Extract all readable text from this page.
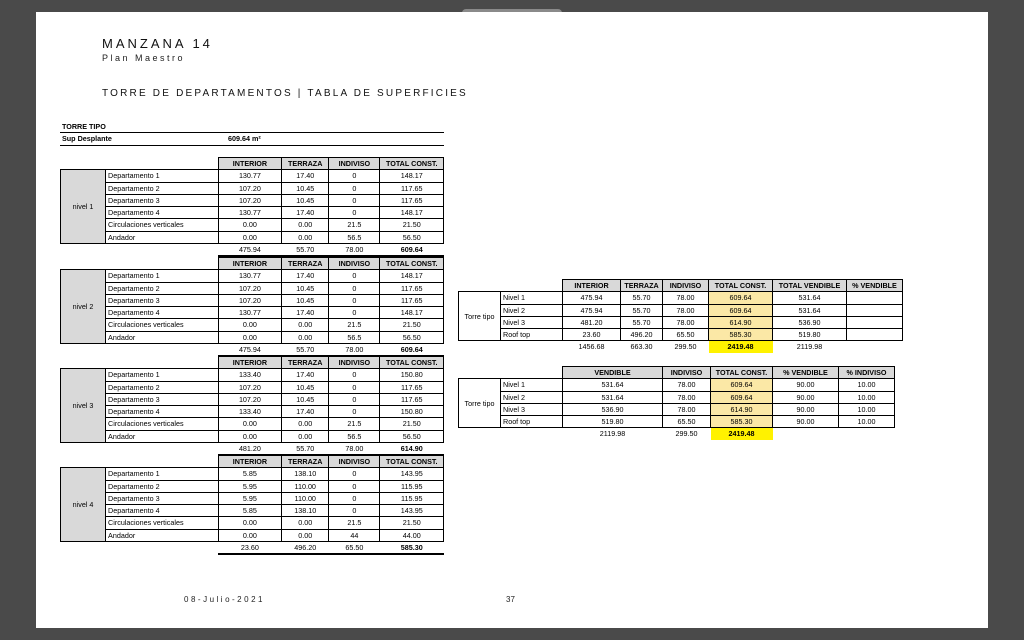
MANZANA 14
Plan Maestro
TORRE DE DEPARTAMENTOS | TABLA DE SUPERFICIES
TORRE TIPO
Sup Desplante	609.64 m²
		INTERIOR	TERRAZA	INDIVISO	TOTAL CONST.
nivel 1	Departamento 1	130.77	17.40	0	148.17
	Departamento 2	107.20	10.45	0	117.65
	Departamento 3	107.20	10.45	0	117.65
	Departamento 4	130.77	17.40	0	148.17
	Circulaciones verticales	0.00	0.00	21.5	21.50
	Andador	0.00	0.00	56.5	56.50
		475.94	55.70	78.00	609.64
		INTERIOR	TERRAZA	INDIVISO	TOTAL CONST.
nivel 2	Departamento 1	130.77	17.40	0	148.17
	Departamento 2	107.20	10.45	0	117.65
	Departamento 3	107.20	10.45	0	117.65
	Departamento 4	130.77	17.40	0	148.17
	Circulaciones verticales	0.00	0.00	21.5	21.50
	Andador	0.00	0.00	56.5	56.50
		475.94	55.70	78.00	609.64
		INTERIOR	TERRAZA	INDIVISO	TOTAL CONST.
nivel 3	Departamento 1	133.40	17.40	0	150.80
	Departamento 2	107.20	10.45	0	117.65
	Departamento 3	107.20	10.45	0	117.65
	Departamento 4	133.40	17.40	0	150.80
	Circulaciones verticales	0.00	0.00	21.5	21.50
	Andador	0.00	0.00	56.5	56.50
		481.20	55.70	78.00	614.90
		INTERIOR	TERRAZA	INDIVISO	TOTAL CONST.
nivel 4	Departamento 1	5.85	138.10	0	143.95
	Departamento 2	5.95	110.00	0	115.95
	Departamento 3	5.95	110.00	0	115.95
	Departamento 4	5.85	138.10	0	143.95
	Circulaciones verticales	0.00	0.00	21.5	21.50
	Andador	0.00	0.00	44	44.00
		23.60	496.20	65.50	585.30
		INTERIOR	TERRAZA	INDIVISO	TOTAL CONST.	TOTAL VENDIBLE	% VENDIBLE
Torre tipo	Nivel 1	475.94	55.70	78.00	609.64	531.64	
	Nivel 2	475.94	55.70	78.00	609.64	531.64	
	Nivel 3	481.20	55.70	78.00	614.90	536.90	
	Roof top	23.60	496.20	65.50	585.30	519.80	
		1456.68	663.30	299.50	2419.48	2119.98	
		VENDIBLE	INDIVISO	TOTAL CONST.	% VENDIBLE	% INDIVISO
Torre tipo	Nivel 1	531.64	78.00	609.64	90.00	10.00
	Nivel 2	531.64	78.00	609.64	90.00	10.00
	Nivel 3	536.90	78.00	614.90	90.00	10.00
	Roof top	519.80	65.50	585.30	90.00	10.00
		2119.98	299.50	2419.48		
08-Julio-2021	37
